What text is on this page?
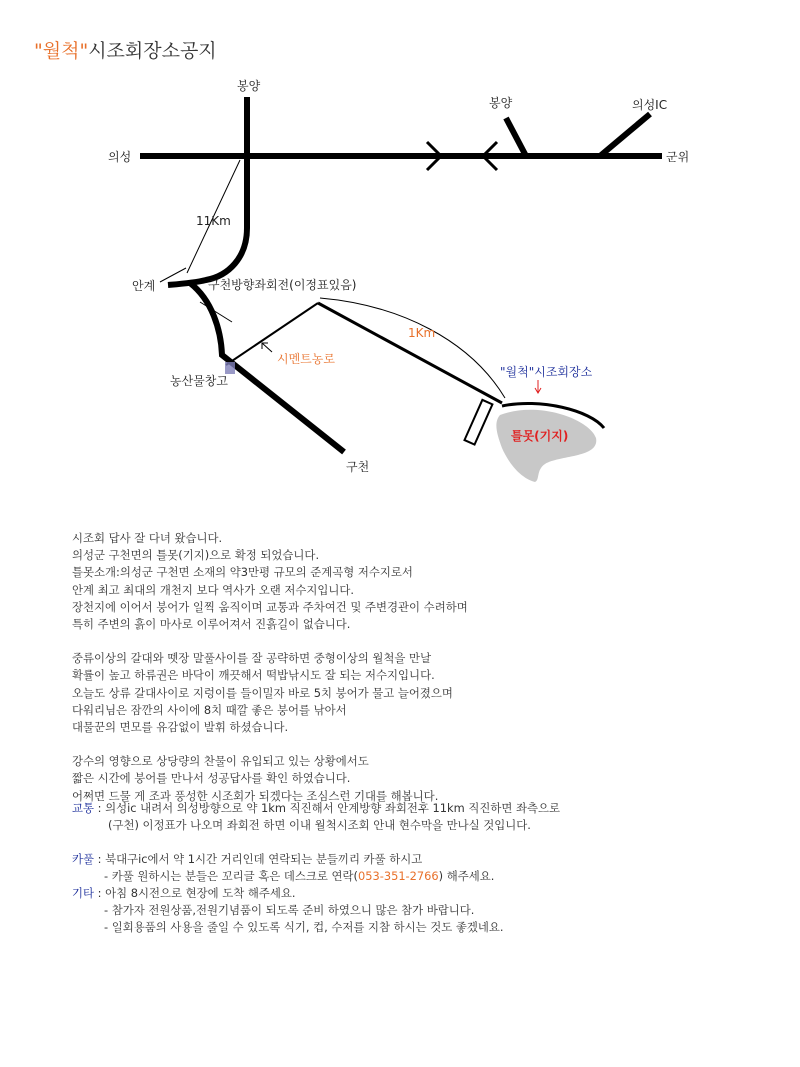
"월척"시조회장소공지
봉양
봉양
의성
의성IC
군위
11Km
안계	구천방향좌회전(이정표있음)
1Km
시멘트농로
농산물창고
"월척"시조회장소
틀못(기지)
구천

시조회 답사 잘 다녀 왔습니다.

의성군 구천면의 틀못(기지)으로 확정 되었습니다.

틀못소개:의성군 구천면 소재의 약3만평 규모의 준계곡형 저수지로서

안계 최고 최대의 개천지 보다 역사가 오랜 저수지입니다.

장천지에 이어서 붕어가 일찍 움직이며 교통과 주차여건 및 주변경관이 수려하며

특히 주변의 흙이 마사로 이루어져서 진흙길이 없습니다.

중류이상의 갈대와 뗏장 말풀사이를 잘 공략하면 중형이상의 월척을 만날

확률이 높고 하류권은 바닥이 깨끗해서 떡밥낚시도 잘 되는 저수지입니다.

오늘도 상류 갈대사이로 지렁이를 들이밀자 바로 5치 붕어가 물고 늘어졌으며

다워리님은 잠깐의 사이에 8치 때깔 좋은 붕어를 낚아서

대물꾼의 면모를 유감없이 발휘 하셨습니다.

강수의 영향으로 상당량의 찬물이 유입되고 있는 상황에서도

짧은 시간에 붕어를 만나서 성공답사를 확인 하였습니다.

어쩌면 드물 게 조과 풍성한 시조회가 되겠다는 조심스런 기대를 해봅니다.

교통 : 의성ic 내려서 의성방향으로 약 1km 직진해서 안계방향 좌회전후 11km 직진하면 좌측으로

(구천) 이정표가 나오며 좌회전 하면 이내 월척시조회 안내 현수막을 만나실 것입니다.

카풀 : 북대구ic에서 약 1시간 거리인데 연락되는 분들끼리 카풀 하시고

- 카풀 원하시는 분들은 꼬리글 혹은 데스크로 연락(053-351-2766) 해주세요.

기타 : 아침 8시전으로 현장에 도착 해주세요.

- 참가자 전원상품,전원기념품이 되도록 준비 하였으니 많은 참가 바랍니다.

- 일회용품의 사용을 줄일 수 있도록 식기, 컵, 수저를 지참 하시는 것도 좋겠네요.
